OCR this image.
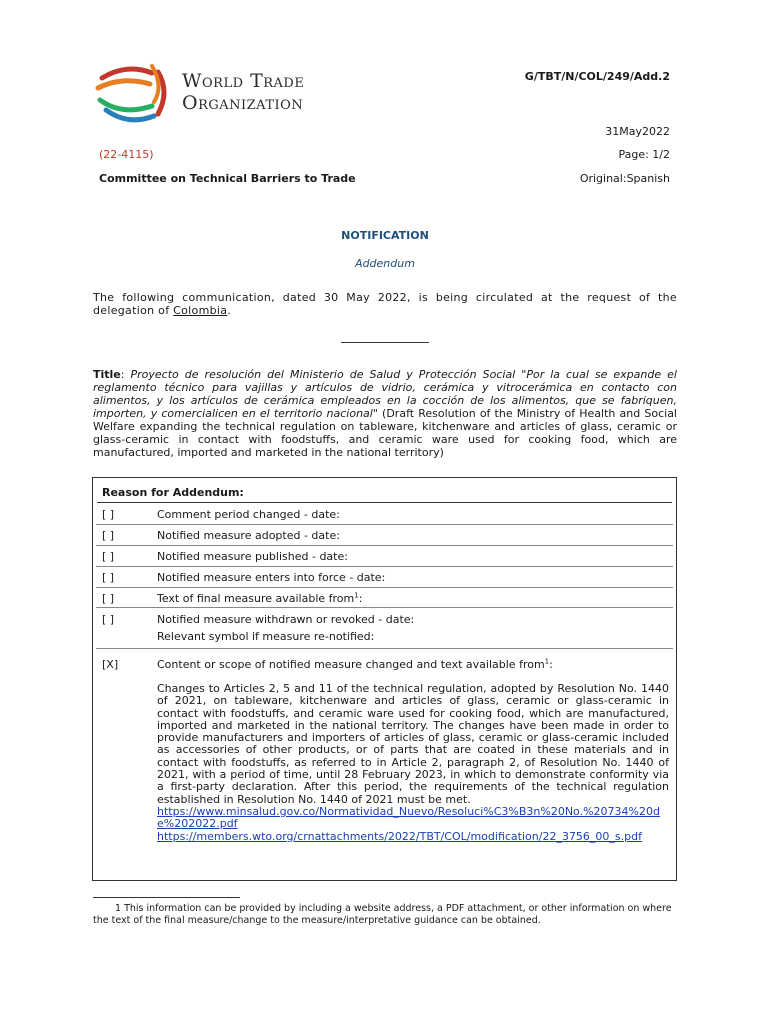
World Trade
Organization
G/TBT/N/COL/249/Add.2
31May2022
(22-4115)	Page: 1/2
Committee on Technical Barriers to Trade	Original:Spanish
NOTIFICATION
Addendum
The following communication, dated 30 May 2022, is being circulated at the request of the delegation of Colombia.
Title: Proyecto de resolución del Ministerio de Salud y Protección Social "Por la cual se expande el reglamento técnico para vajillas y artículos de vidrio, cerámica y vitrocerámica en contacto con alimentos, y los artículos de cerámica empleados en la cocción de los alimentos, que se fabriquen, importen, y comercialicen en el territorio nacional" (Draft Resolution of the Ministry of Health and Social Welfare expanding the technical regulation on tableware, kitchenware and articles of glass, ceramic or glass-ceramic in contact with foodstuffs, and ceramic ware used for cooking food, which are manufactured, imported and marketed in the national territory)
Reason for Addendum:
[ ]	Comment period changed - date:
[ ]	Notified measure adopted - date:
[ ]	Notified measure published - date:
[ ]	Notified measure enters into force - date:
[ ]	Text of final measure available from$^1$:
[ ]	Notified measure withdrawn or revoked - date:
Relevant symbol if measure re-notified:
[X]	Content or scope of notified measure changed and text available from$^1$:
Changes to Articles 2, 5 and 11 of the technical regulation, adopted by Resolution No. 1440 of 2021, on tableware, kitchenware and articles of glass, ceramic or glass-ceramic in contact with foodstuffs, and ceramic ware used for cooking food, which are manufactured, imported and marketed in the national territory. The changes have been made in order to provide manufacturers and importers of articles of glass, ceramic or glass-ceramic included as accessories of other products, or of parts that are coated in these materials and in contact with foodstuffs, as referred to in Article 2, paragraph 2, of Resolution No. 1440 of 2021, with a period of time, until 28 February 2023, in which to demonstrate conformity via a first-party declaration. After this period, the requirements of the technical regulation established in Resolution No. 1440 of 2021 must be met.
https://www.minsalud.gov.co/Normatividad_Nuevo/Resoluci%C3%B3n%20No.%20734%20de%202022.pdf
https://members.wto.org/crnattachments/2022/TBT/COL/modification/22_3756_00_s.pdf
1 This information can be provided by including a website address, a PDF attachment, or other information on where the text of the final measure/change to the measure/interpretative guidance can be obtained.
